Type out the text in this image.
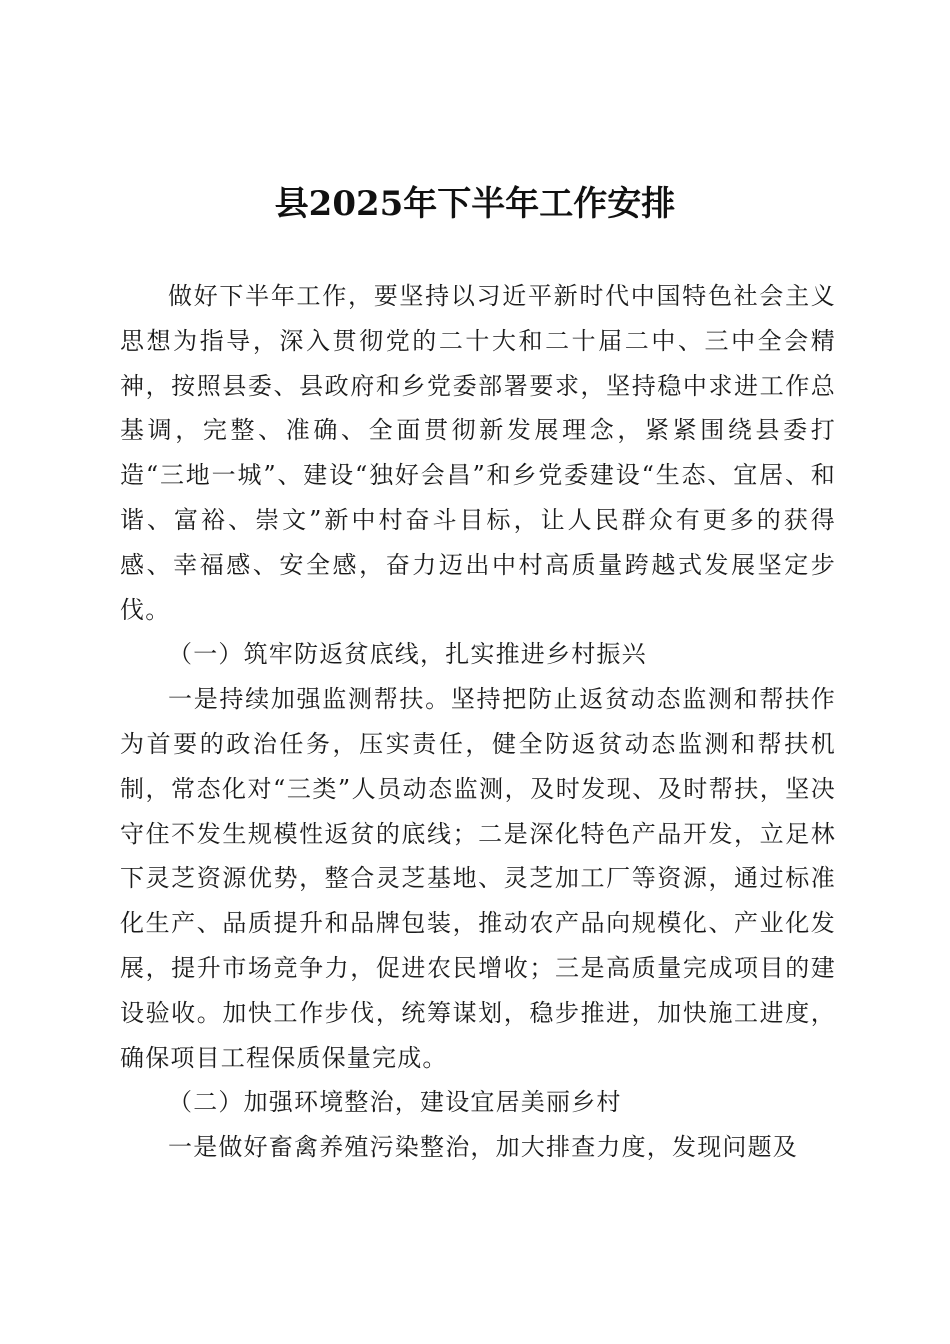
县2025年下半年工作安排

做好下半年工作，要坚持以习近平新时代中国特色社会主义思想为指导，深入贯彻党的二十大和二十届二中、三中全会精神，按照县委、县政府和乡党委部署要求，坚持稳中求进工作总基调，完整、准确、全面贯彻新发展理念，紧紧围绕县委打造“三地一城”、建设“独好会昌”和乡党委建设“生态、宜居、和谐、富裕、崇文”新中村奋斗目标，让人民群众有更多的获得感、幸福感、安全感，奋力迈出中村高质量跨越式发展坚定步伐。

（一）筑牢防返贫底线，扎实推进乡村振兴

一是持续加强监测帮扶。坚持把防止返贫动态监测和帮扶作为首要的政治任务，压实责任，健全防返贫动态监测和帮扶机制，常态化对“三类”人员动态监测，及时发现、及时帮扶，坚决守住不发生规模性返贫的底线；二是深化特色产品开发，立足林下灵芝资源优势，整合灵芝基地、灵芝加工厂等资源，通过标准化生产、品质提升和品牌包装，推动农产品向规模化、产业化发展，提升市场竞争力，促进农民增收；三是高质量完成项目的建设验收。加快工作步伐，统筹谋划，稳步推进，加快施工进度，确保项目工程保质保量完成。

（二）加强环境整治，建设宜居美丽乡村

一是做好畜禽养殖污染整治，加大排查力度，发现问题及
